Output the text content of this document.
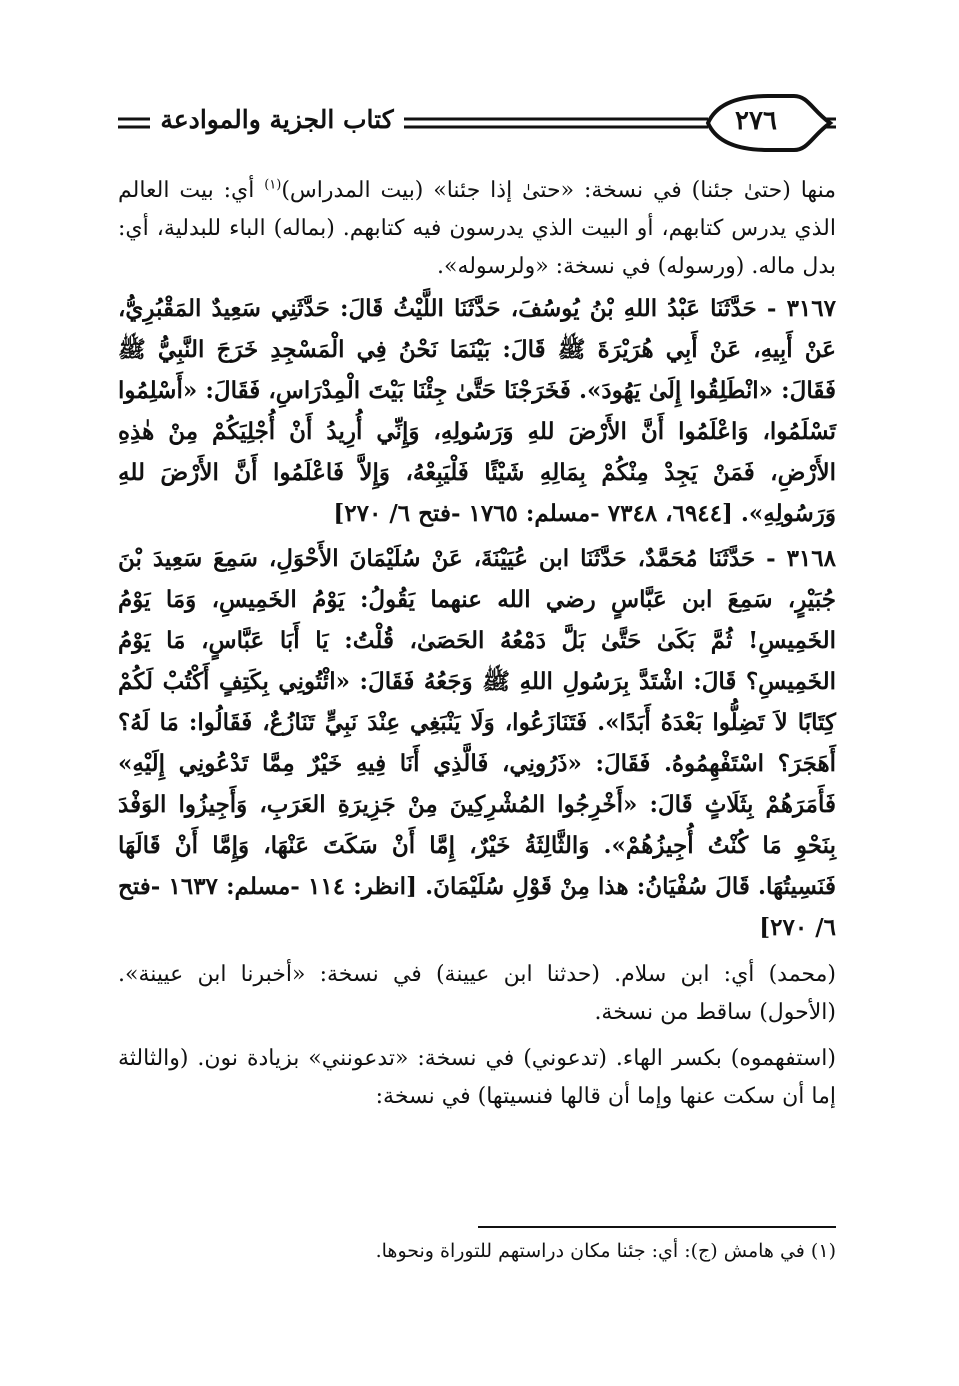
كتاب الجزية والموادعة	٢٧٦

منها (حتىٰ جئنا) في نسخة: «حتىٰ إذا جئنا» (بيت المدراس)$^{(١)}$ أي: بيت العالم الذي يدرس كتابهم، أو البيت الذي يدرسون فيه كتابهم. (بماله) الباء للبدلية، أي: بدل ماله. (ورسوله) في نسخة: «ولرسوله».

٣١٦٧ - حَدَّثَنَا عَبْدُ اللهِ بْنُ يُوسُفَ، حَدَّثَنَا اللَّيْثُ قَالَ: حَدَّثَنِي سَعِيدٌ المَقْبُرِيُّ، عَنْ أَبِيهِ، عَنْ أَبِي هُرَيْرَةَ ﷺ قَالَ: بَيْنَمَا نَحْنُ فِي الْمَسْجِدِ خَرَجَ النَّبِيُّ ﷺ فَقَالَ: «انْطَلِقُوا إِلَىٰ يَهُودَ». فَخَرَجْنَا حَتَّىٰ جِئْنَا بَيْتَ الْمِدْرَاسِ، فَقَالَ: «أَسْلِمُوا تَسْلَمُوا، وَاعْلَمُوا أَنَّ الأَرْضَ للهِ وَرَسُولِهِ، وَإِنِّي أُرِيدُ أَنْ أُجْلِيَكُمْ مِنْ هٰذِهِ الأَرْضِ، فَمَنْ يَجِدْ مِنْكُمْ بِمَالِهِ شَيْئًا فَلْيَبِعْهُ، وَإِلاَّ فَاعْلَمُوا أَنَّ الأَرْضَ للهِ وَرَسُولِهِ». [٦٩٤٤، ٧٣٤٨ -مسلم: ١٧٦٥ -فتح ٦/ ٢٧٠]

٣١٦٨ - حَدَّثَنَا مُحَمَّدٌ، حَدَّثَنَا ابن عُيَيْنَةَ، عَنْ سُلَيْمَانَ الأَحْوَلِ، سَمِعَ سَعِيدَ بْنَ جُبَيْرٍ، سَمِعَ ابن عَبَّاسٍ رضي الله عنهما يَقُولُ: يَوْمُ الخَمِيسِ، وَمَا يَوْمُ الخَمِيسِ! ثُمَّ بَكَىٰ حَتَّىٰ بَلَّ دَمْعُهُ الحَصَىٰ، قُلْتُ: يَا أَبَا عَبَّاسٍ، مَا يَوْمُ الخَمِيسِ؟ قَالَ: اشْتَدَّ بِرَسُولِ اللهِ ﷺ وَجَعُهُ فَقَالَ: «ائْتُونِي بِكَتِفٍ أَكْتُبْ لَكُمْ كِتَابًا لاَ تَضِلُّوا بَعْدَهُ أَبَدًا». فَتَنَازَعُوا، وَلَا يَنْبَغِي عِنْدَ نَبِيٍّ تَنَازُعٌ، فَقَالُوا: مَا لَهُ؟ أَهَجَرَ؟ اسْتَفْهِمُوهُ. فَقَالَ: «ذَرُونِي، فَالَّذِي أَنَا فِيهِ خَيْرٌ مِمَّا تَدْعُونِي إِلَيْهِ» فَأَمَرَهُمْ بِثَلَاثٍ قَالَ: «أَخْرِجُوا المُشْرِكِينَ مِنْ جَزِيرَةِ العَرَبِ، وَأَجِيزُوا الوَفْدَ بِنَحْوِ مَا كُنْتُ أُجِيزُهُمْ». وَالثَّالِثَةُ خَيْرٌ، إِمَّا أَنْ سَكَتَ عَنْهَا، وَإِمَّا أَنْ قَالَهَا فَنَسِيتُهَا. قَالَ سُفْيَانُ: هذا مِنْ قَوْلِ سُلَيْمَانَ. [انظر: ١١٤ -مسلم: ١٦٣٧ -فتح ٦/ ٢٧٠]

(محمد) أي: ابن سلام. (حدثنا ابن عيينة) في نسخة: «أخبرنا ابن عيينة». (الأحول) ساقط من نسخة.

(استفهموه) بكسر الهاء. (تدعوني) في نسخة: «تدعونني» بزيادة نون. (والثالثة إما أن سكت عنها وإما أن قالها فنسيتها) في نسخة:

(١) في هامش (ج): أي: جئنا مكان دراستهم للتوراة ونحوها.
